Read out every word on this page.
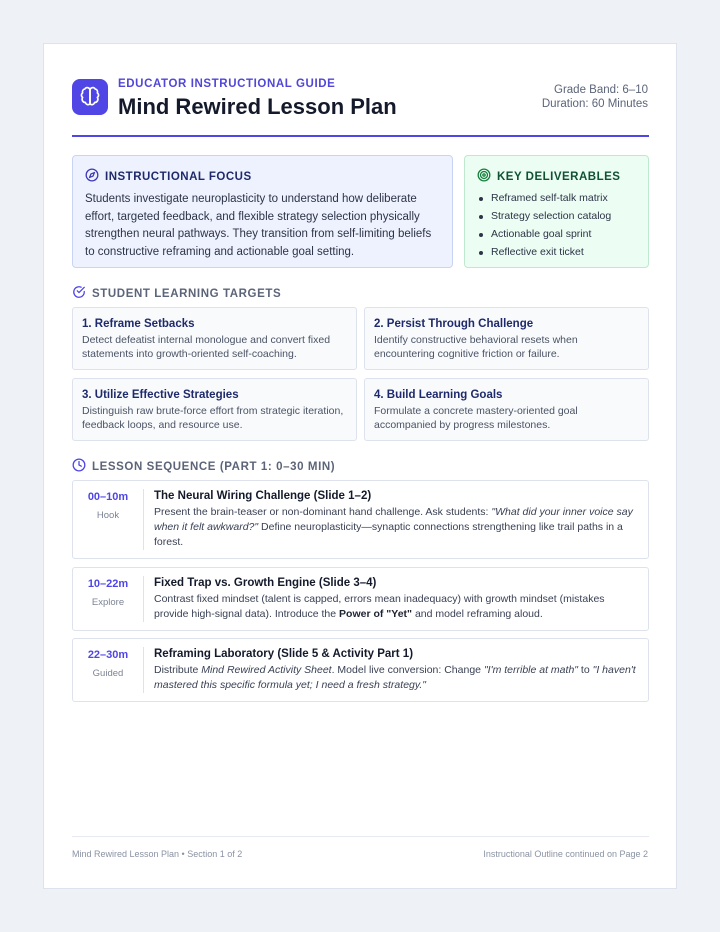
EDUCATOR INSTRUCTIONAL GUIDE
Mind Rewired Lesson Plan
Grade Band: 6–10
Duration: 60 Minutes
INSTRUCTIONAL FOCUS
Students investigate neuroplasticity to understand how deliberate effort, targeted feedback, and flexible strategy selection physically strengthen neural pathways. They transition from self-limiting beliefs to constructive reframing and actionable goal setting.
KEY DELIVERABLES
Reframed self-talk matrix
Strategy selection catalog
Actionable goal sprint
Reflective exit ticket
STUDENT LEARNING TARGETS
1. Reframe Setbacks
Detect defeatist internal monologue and convert fixed statements into growth-oriented self-coaching.
2. Persist Through Challenge
Identify constructive behavioral resets when encountering cognitive friction or failure.
3. Utilize Effective Strategies
Distinguish raw brute-force effort from strategic iteration, feedback loops, and resource use.
4. Build Learning Goals
Formulate a concrete mastery-oriented goal accompanied by progress milestones.
LESSON SEQUENCE (PART 1: 0–30 MIN)
00–10m
Hook
The Neural Wiring Challenge (Slide 1–2)
Present the brain-teaser or non-dominant hand challenge. Ask students: "What did your inner voice say when it felt awkward?" Define neuroplasticity—synaptic connections strengthening like trail paths in a forest.
10–22m
Explore
Fixed Trap vs. Growth Engine (Slide 3–4)
Contrast fixed mindset (talent is capped, errors mean inadequacy) with growth mindset (mistakes provide high-signal data). Introduce the Power of "Yet" and model reframing aloud.
22–30m
Guided
Reframing Laboratory (Slide 5 & Activity Part 1)
Distribute Mind Rewired Activity Sheet. Model live conversion: Change "I'm terrible at math" to "I haven't mastered this specific formula yet; I need a fresh strategy."
Mind Rewired Lesson Plan • Section 1 of 2	Instructional Outline continued on Page 2
